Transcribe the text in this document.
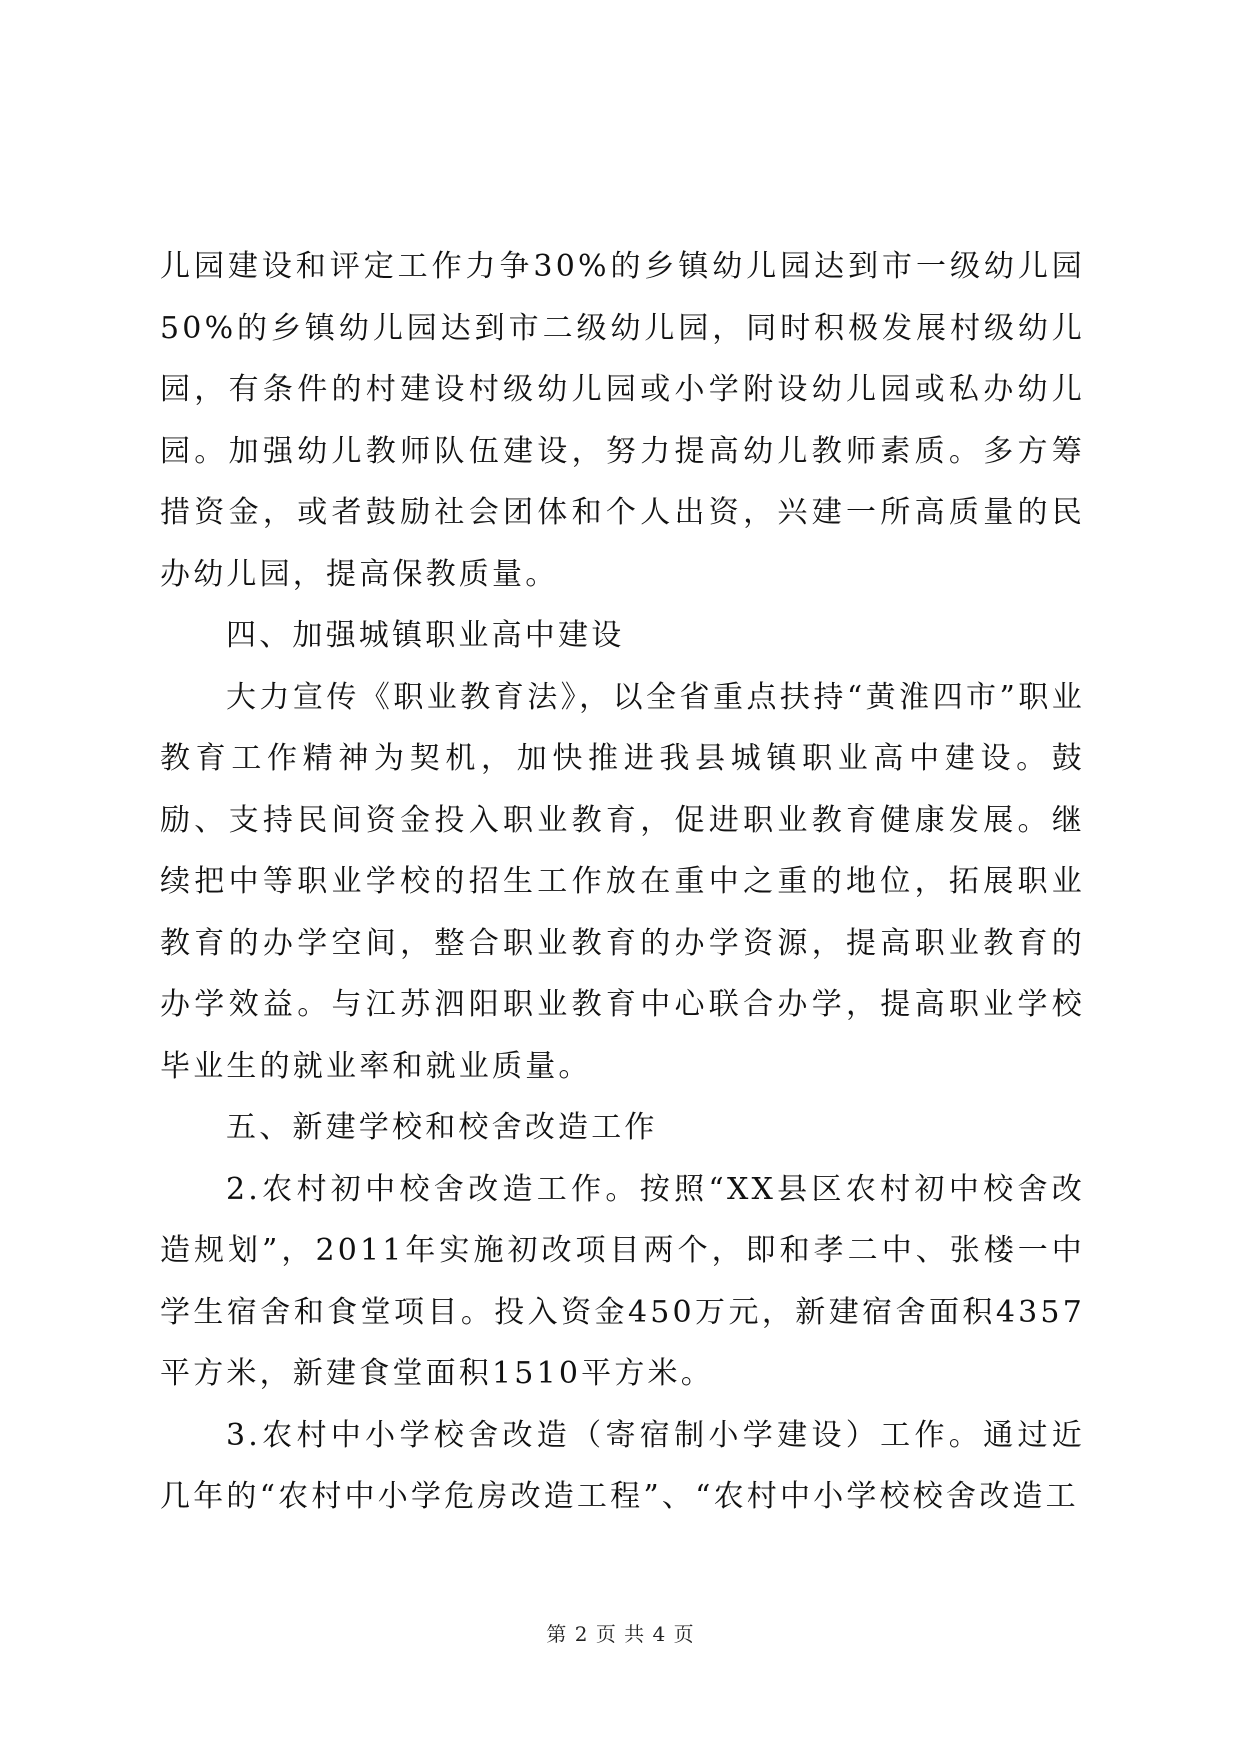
儿园建设和评定工作力争30%的乡镇幼儿园达到市一级幼儿园50%的乡镇幼儿园达到市二级幼儿园，同时积极发展村级幼儿园，有条件的村建设村级幼儿园或小学附设幼儿园或私办幼儿园。加强幼儿教师队伍建设，努力提高幼儿教师素质。多方筹措资金，或者鼓励社会团体和个人出资，兴建一所高质量的民办幼儿园，提高保教质量。

四、加强城镇职业高中建设

大力宣传《职业教育法》，以全省重点扶持“黄淮四市”职业教育工作精神为契机，加快推进我县城镇职业高中建设。鼓励、支持民间资金投入职业教育，促进职业教育健康发展。继续把中等职业学校的招生工作放在重中之重的地位，拓展职业教育的办学空间，整合职业教育的办学资源，提高职业教育的办学效益。与江苏泗阳职业教育中心联合办学，提高职业学校毕业生的就业率和就业质量。

五、新建学校和校舍改造工作

2.农村初中校舍改造工作。按照“XX县区农村初中校舍改造规划”，2011年实施初改项目两个，即和孝二中、张楼一中学生宿舍和食堂项目。投入资金450万元，新建宿舍面积4357平方米，新建食堂面积1510平方米。

3.农村中小学校舍改造（寄宿制小学建设）工作。通过近几年的“农村中小学危房改造工程”、“农村中小学校校舍改造工

第 2 页 共 4 页
